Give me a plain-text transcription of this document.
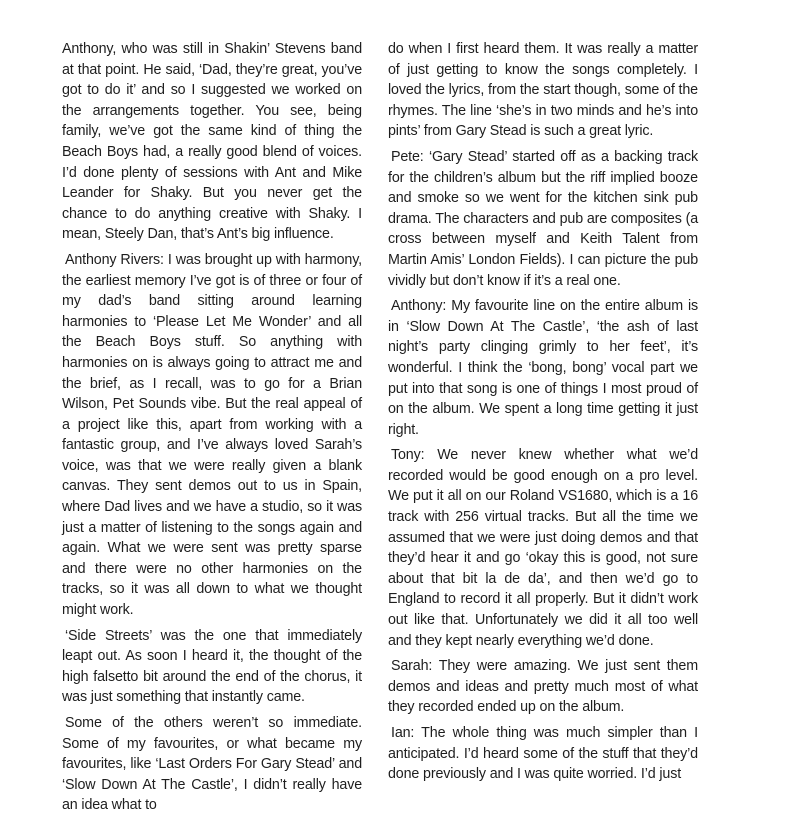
Anthony, who was still in Shakin’ Stevens band at that point. He said, ‘Dad, they’re great, you’ve got to do it’ and so I suggested we worked on the arrangements together. You see, being family, we’ve got the same kind of thing the Beach Boys had, a really good blend of voices. I’d done plenty of sessions with Ant and Mike Leander for Shaky. But you never get the chance to do anything creative with Shaky. I mean, Steely Dan, that’s Ant’s big influence.

Anthony Rivers: I was brought up with harmony, the earliest memory I’ve got is of three or four of my dad’s band sitting around learning harmonies to ‘Please Let Me Wonder’ and all the Beach Boys stuff. So anything with harmonies on is always going to attract me and the brief, as I recall, was to go for a Brian Wilson, Pet Sounds vibe. But the real appeal of a project like this, apart from working with a fantastic group, and I’ve always loved Sarah’s voice, was that we were really given a blank canvas. They sent demos out to us in Spain, where Dad lives and we have a studio, so it was just a matter of listening to the songs again and again. What we were sent was pretty sparse and there were no other harmonies on the tracks, so it was all down to what we thought might work.

‘Side Streets’ was the one that immediately leapt out. As soon I heard it, the thought of the high falsetto bit around the end of the chorus, it was just something that instantly came.

Some of the others weren’t so immediate. Some of my favourites, or what became my favourites, like ‘Last Orders For Gary Stead’ and ‘Slow Down At The Castle’, I didn’t really have an idea what to

do when I first heard them. It was really a matter of just getting to know the songs completely. I loved the lyrics, from the start though, some of the rhymes. The line ‘she’s in two minds and he’s into pints’ from Gary Stead is such a great lyric.

Pete: ‘Gary Stead’ started off as a backing track for the children’s album but the riff implied booze and smoke so we went for the kitchen sink pub drama. The characters and pub are composites (a cross between myself and Keith Talent from Martin Amis’ London Fields). I can picture the pub vividly but don’t know if it’s a real one.

Anthony: My favourite line on the entire album is in ‘Slow Down At The Castle’, ‘the ash of last night’s party clinging grimly to her feet’, it’s wonderful. I think the ‘bong, bong’ vocal part we put into that song is one of things I most proud of on the album. We spent a long time getting it just right.

Tony: We never knew whether what we’d recorded would be good enough on a pro level. We put it all on our Roland VS1680, which is a 16 track with 256 virtual tracks. But all the time we assumed that we were just doing demos and that they’d hear it and go ‘okay this is good, not sure about that bit la de da’, and then we’d go to England to record it all properly. But it didn’t work out like that. Unfortunately we did it all too well and they kept nearly everything we’d done.

Sarah: They were amazing. We just sent them demos and ideas and pretty much most of what they recorded ended up on the album.

Ian: The whole thing was much simpler than I anticipated. I’d heard some of the stuff that they’d done previously and I was quite worried. I’d just
